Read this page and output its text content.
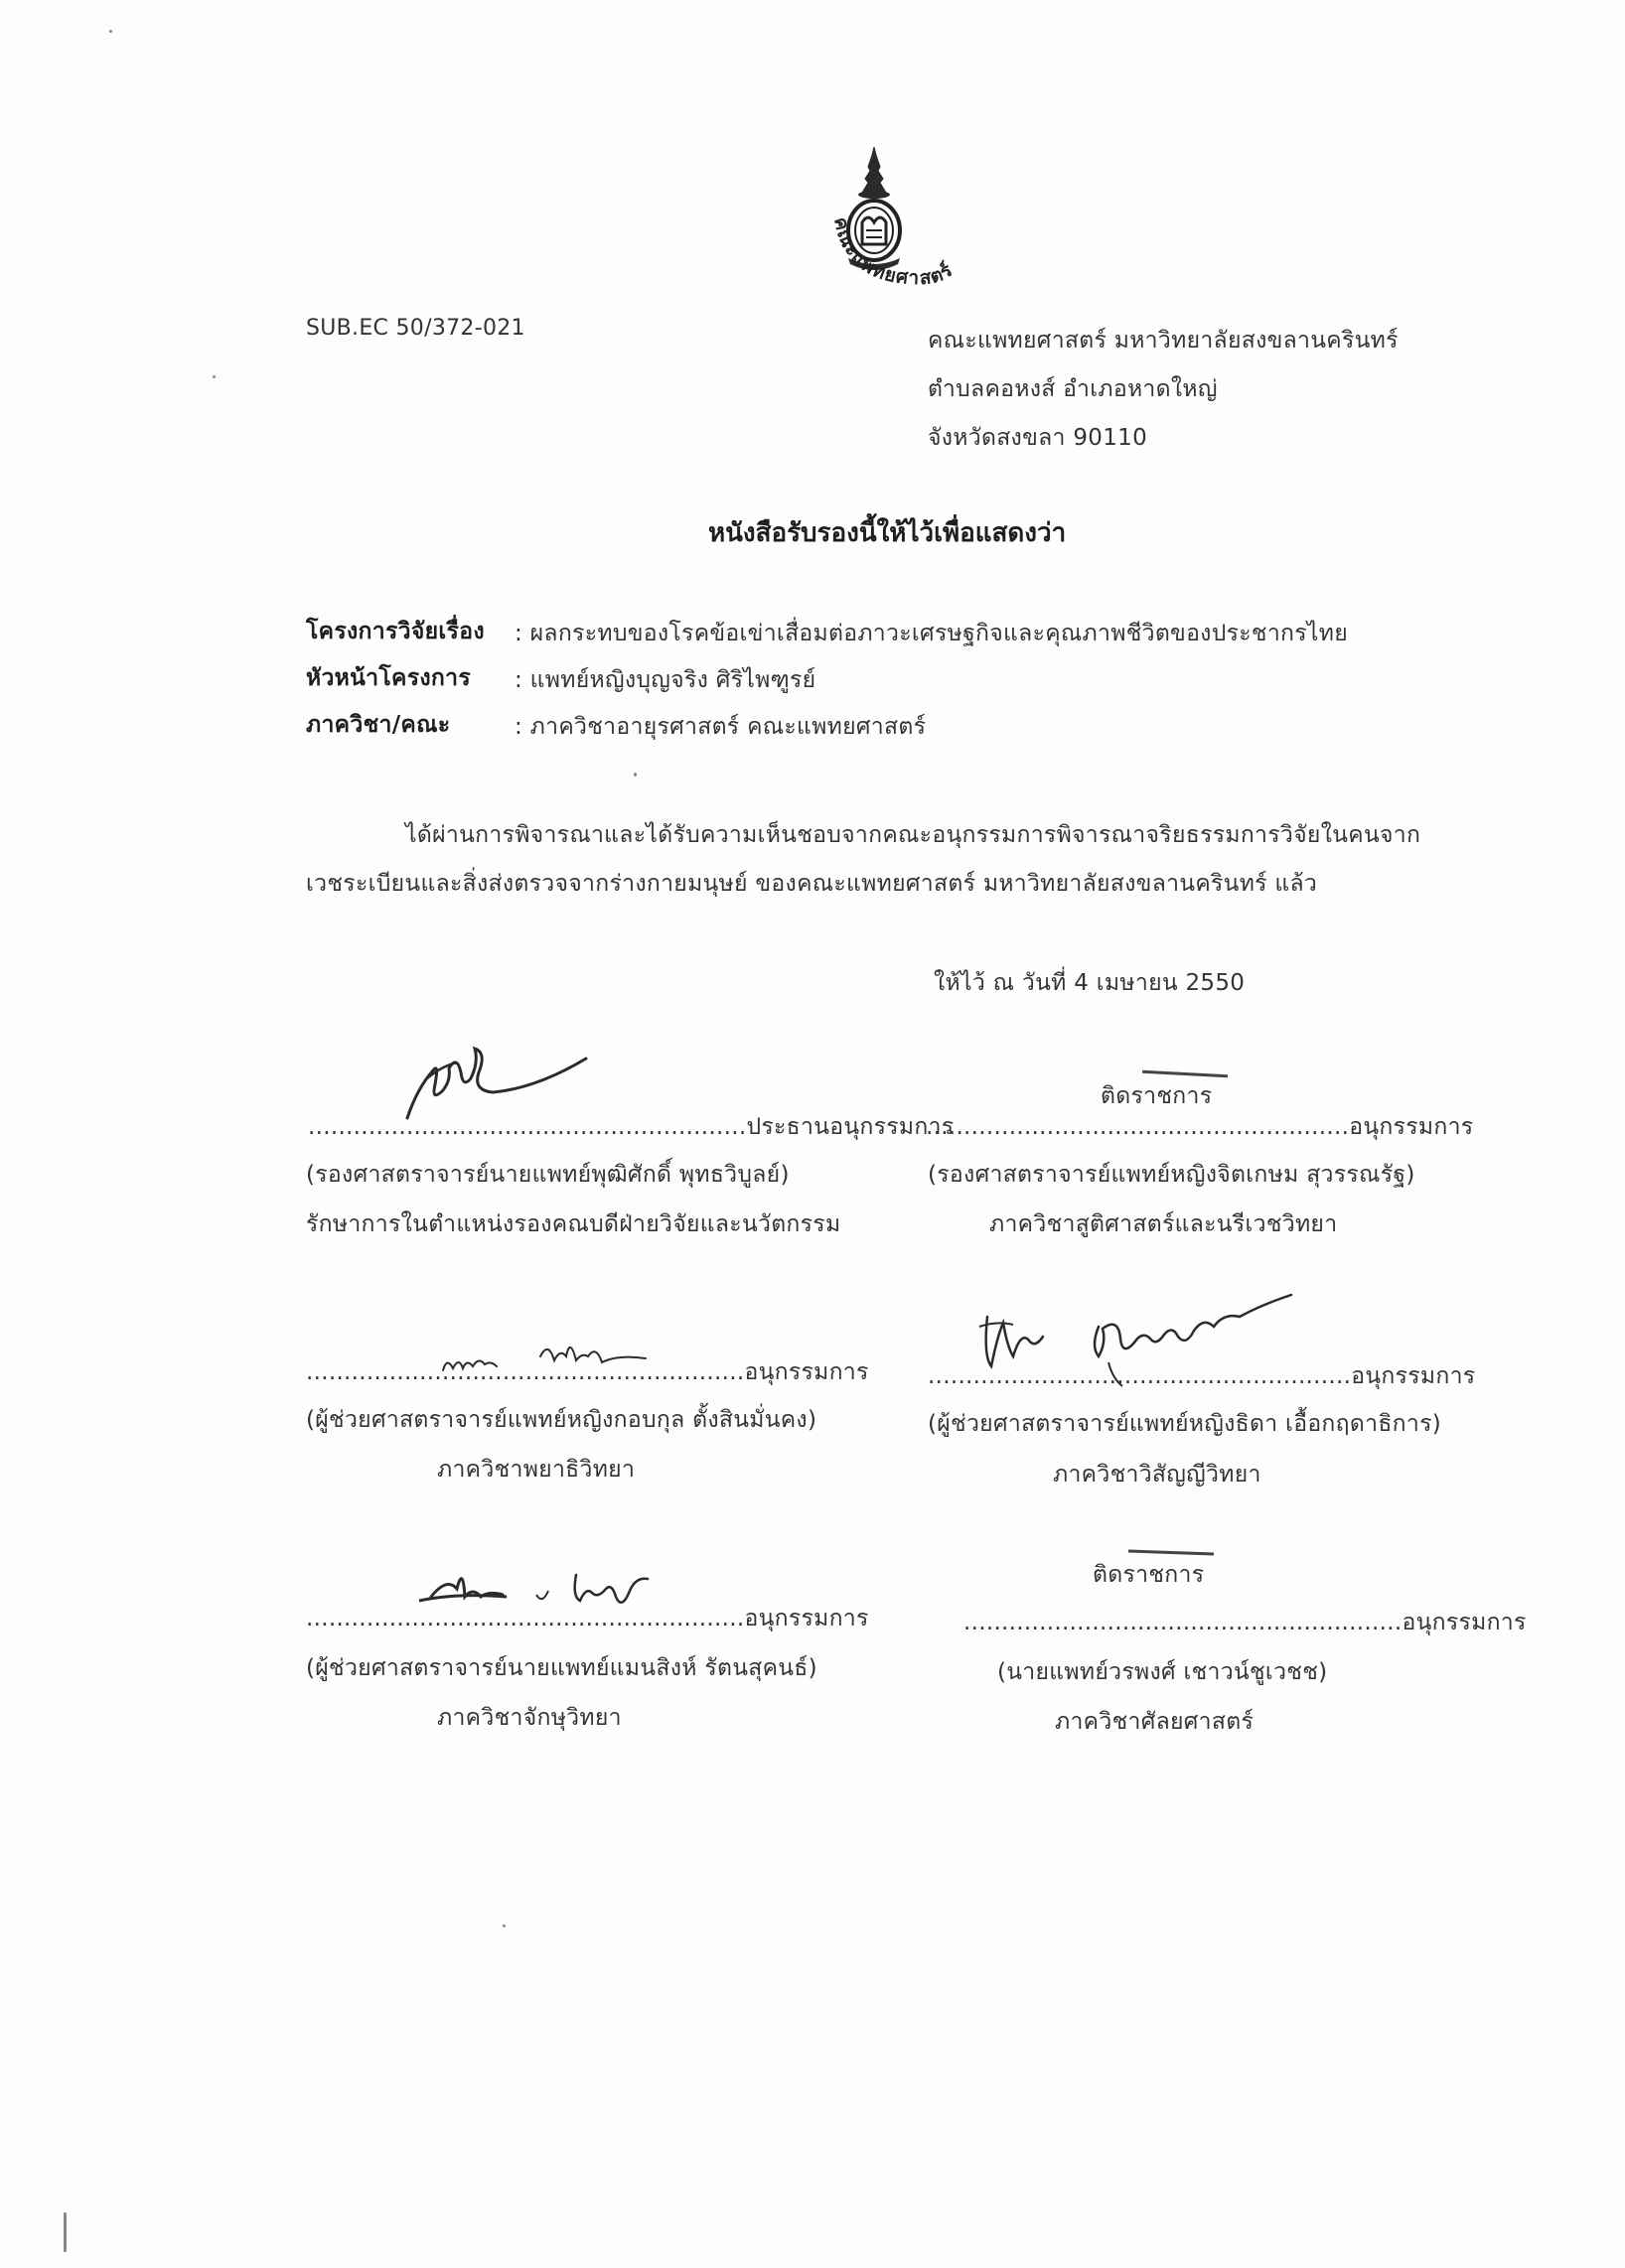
คณะแพทยศาสตร์
SUB.EC 50/372-021	คณะแพทยศาสตร์ มหาวิทยาลัยสงขลานครินทร์
ตำบลคอหงส์ อำเภอหาดใหญ่
จังหวัดสงขลา 90110
หนังสือรับรองนี้ให้ไว้เพื่อแสดงว่า
โครงการวิจัยเรื่อง : ผลกระทบของโรคข้อเข่าเสื่อมต่อภาวะเศรษฐกิจและคุณภาพชีวิตของประชากรไทย
หัวหน้าโครงการ : แพทย์หญิงบุญจริง ศิริไพฑูรย์
ภาควิชา/คณะ	: ภาควิชาอายุรศาสตร์ คณะแพทยศาสตร์
ได้ผ่านการพิจารณาและได้รับความเห็นชอบจากคณะอนุกรรมการพิจารณาจริยธรรมการวิจัยในคนจาก
เวชระเบียนและสิ่งส่งตรวจจากร่างกายมนุษย์ ของคณะแพทยศาสตร์ มหาวิทยาลัยสงขลานครินทร์ แล้ว
ให้ไว้ ณ วันที่ 4 เมษายน 2550
..........................................................ประธานอนุกรรมการ
(รองศาสตราจารย์นายแพทย์พุฒิศักดิ์ พุทธวิบูลย์)
รักษาการในตำแหน่งรองคณบดีฝ่ายวิจัยและนวัตกรรม
ติดราชการ
........................................................อนุกรรมการ
(รองศาสตราจารย์แพทย์หญิงจิตเกษม สุวรรณรัฐ)
ภาควิชาสูติศาสตร์และนรีเวชวิทยา
..........................................................อนุกรรมการ
(ผู้ช่วยศาสตราจารย์แพทย์หญิงกอบกุล ตั้งสินมั่นคง)
ภาควิชาพยาธิวิทยา
........................................................อนุกรรมการ
(ผู้ช่วยศาสตราจารย์แพทย์หญิงธิดา เอื้อกฤดาธิการ)
ภาควิชาวิสัญญีวิทยา
..........................................................อนุกรรมการ
(ผู้ช่วยศาสตราจารย์นายแพทย์แมนสิงห์ รัตนสุคนธ์)
ภาควิชาจักษุวิทยา
ติดราชการ
..........................................................อนุกรรมการ
(นายแพทย์วรพงศ์ เชาวน์ชูเวชช)
ภาควิชาศัลยศาสตร์
